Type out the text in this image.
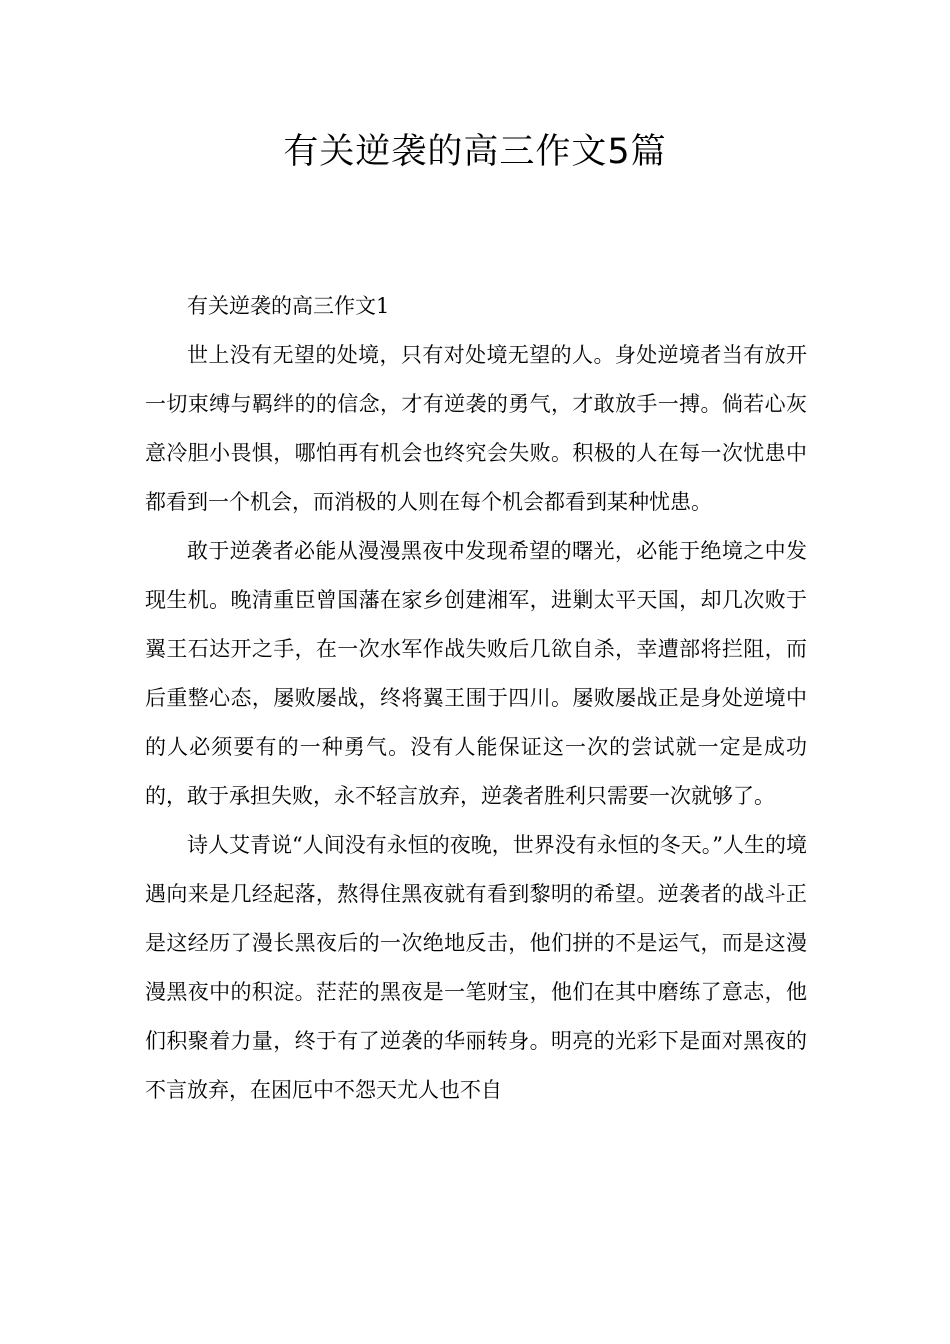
有关逆袭的高三作文5篇

有关逆袭的高三作文1

世上没有无望的处境，只有对处境无望的人。身处逆境者当有放开一切束缚与羁绊的的信念，才有逆袭的勇气，才敢放手一搏。倘若心灰意冷胆小畏惧，哪怕再有机会也终究会失败。积极的人在每一次忧患中都看到一个机会，而消极的人则在每个机会都看到某种忧患。

敢于逆袭者必能从漫漫黑夜中发现希望的曙光，必能于绝境之中发现生机。晚清重臣曾国藩在家乡创建湘军，进剿太平天国，却几次败于翼王石达开之手，在一次水军作战失败后几欲自杀，幸遭部将拦阻，而后重整心态，屡败屡战，终将翼王围于四川。屡败屡战正是身处逆境中的人必须要有的一种勇气。没有人能保证这一次的尝试就一定是成功的，敢于承担失败，永不轻言放弃，逆袭者胜利只需要一次就够了。

诗人艾青说“人间没有永恒的夜晚，世界没有永恒的冬天。”人生的境遇向来是几经起落，熬得住黑夜就有看到黎明的希望。逆袭者的战斗正是这经历了漫长黑夜后的一次绝地反击，他们拼的不是运气，而是这漫漫黑夜中的积淀。茫茫的黑夜是一笔财宝，他们在其中磨练了意志，他们积聚着力量，终于有了逆袭的华丽转身。明亮的光彩下是面对黑夜的不言放弃，在困厄中不怨天尤人也不自
